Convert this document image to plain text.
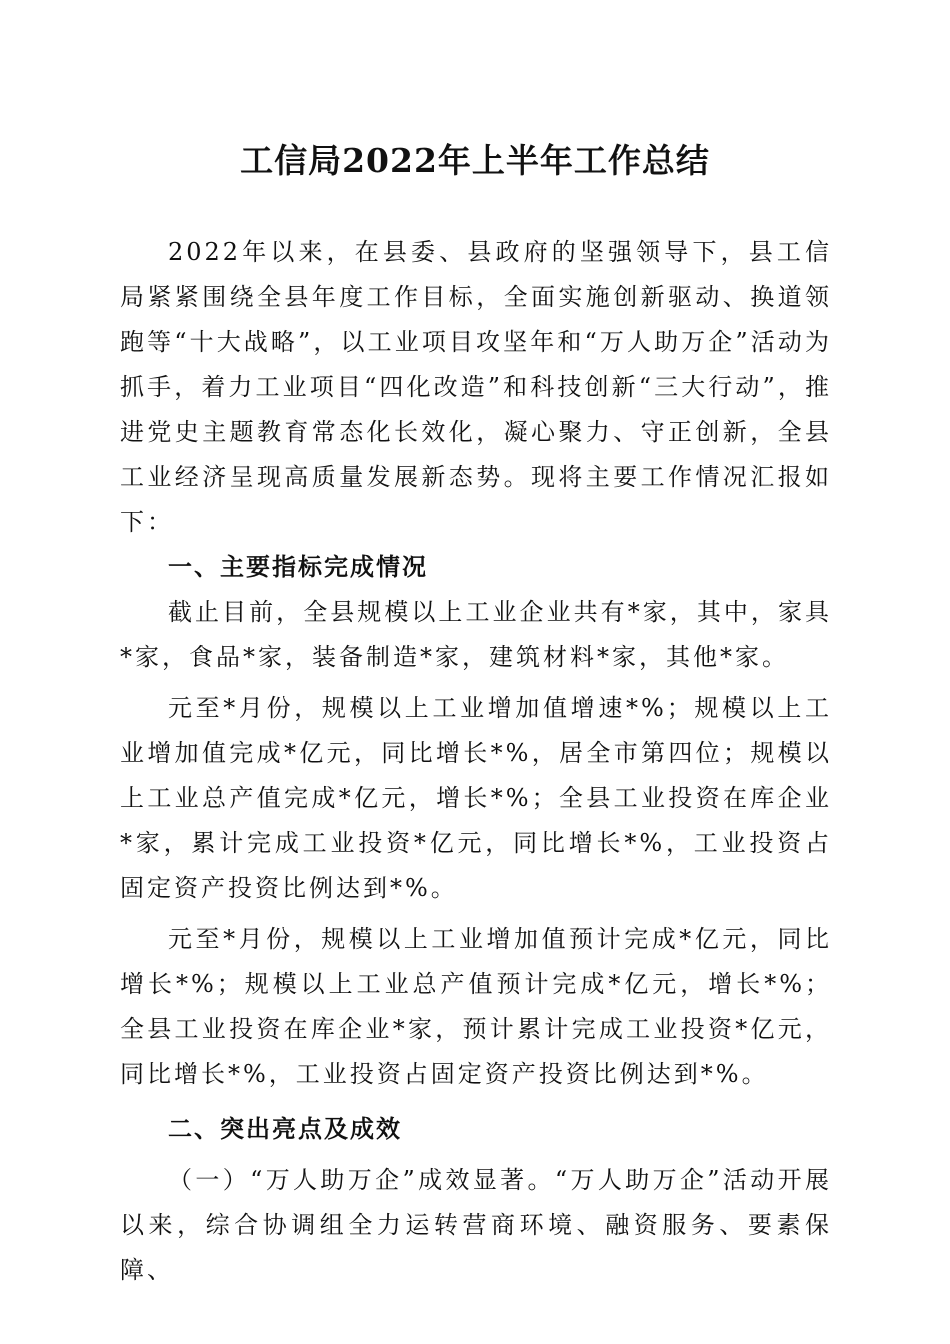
工信局2022年上半年工作总结

2022年以来，在县委、县政府的坚强领导下，县工信局紧紧围绕全县年度工作目标，全面实施创新驱动、换道领跑等“十大战略”，以工业项目攻坚年和“万人助万企”活动为抓手，着力工业项目“四化改造”和科技创新“三大行动”，推进党史主题教育常态化长效化，凝心聚力、守正创新，全县工业经济呈现高质量发展新态势。现将主要工作情况汇报如下：

一、主要指标完成情况

截止目前，全县规模以上工业企业共有*家，其中，家具*家，食品*家，装备制造*家，建筑材料*家，其他*家。

元至*月份，规模以上工业增加值增速*%；规模以上工业增加值完成*亿元，同比增长*%，居全市第四位；规模以上工业总产值完成*亿元，增长*%；全县工业投资在库企业*家，累计完成工业投资*亿元，同比增长*%，工业投资占固定资产投资比例达到*%。

元至*月份，规模以上工业增加值预计完成*亿元，同比增长*%；规模以上工业总产值预计完成*亿元，增长*%；全县工业投资在库企业*家，预计累计完成工业投资*亿元，同比增长*%，工业投资占固定资产投资比例达到*%。

二、突出亮点及成效

（一）“万人助万企”成效显著。“万人助万企”活动开展以来，综合协调组全力运转营商环境、融资服务、要素保障、
